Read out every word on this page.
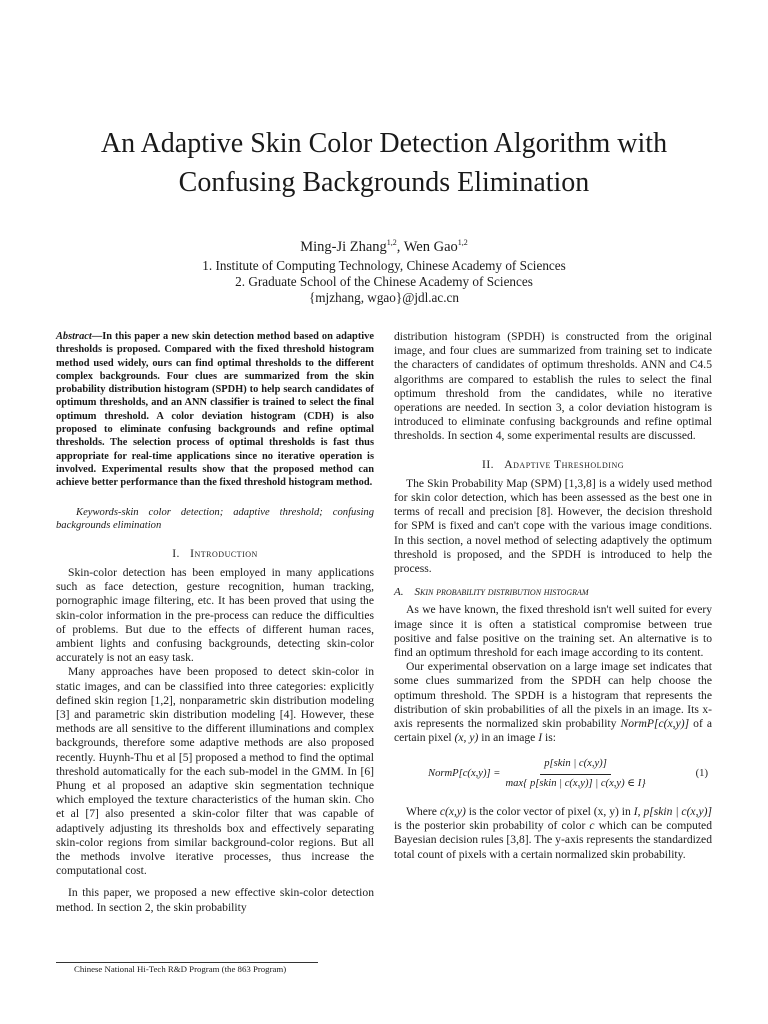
An Adaptive Skin Color Detection Algorithm with
Confusing Backgrounds Elimination
Ming-Ji Zhang$^{1,2}$, Wen Gao$^{1,2}$
1. Institute of Computing Technology, Chinese Academy of Sciences
2. Graduate School of the Chinese Academy of Sciences
{mjzhang, wgao}@jdl.ac.cn
Abstract—In this paper a new skin detection method based on adaptive thresholds is proposed. Compared with the fixed threshold histogram method used widely, ours can find optimal thresholds to the different complex backgrounds. Four clues are summarized from the skin probability distribution histogram (SPDH) to help search candidates of optimum thresholds, and an ANN classifier is trained to select the final optimum threshold. A color deviation histogram (CDH) is also proposed to eliminate confusing backgrounds and refine optimal thresholds. The selection process of optimal thresholds is fast thus appropriate for real-time applications since no iterative operation is involved. Experimental results show that the proposed method can achieve better performance than the fixed threshold histogram method.
Keywords-skin color detection; adaptive threshold; confusing backgrounds elimination
I. Introduction

Skin-color detection has been employed in many applications such as face detection, gesture recognition, human tracking, pornographic image filtering, etc. It has been proved that using the skin-color information in the pre-process can reduce the difficulties of problems. But due to the effects of different human races, ambient lights and confusing backgrounds, detecting skin-color accurately is not an easy task.

Many approaches have been proposed to detect skin-color in static images, and can be classified into three categories: explicitly defined skin region [1,2], nonparametric skin distribution modeling [3] and parametric skin distribution modeling [4]. However, these methods are all sensitive to the different illuminations and complex backgrounds, therefore some adaptive methods are also proposed recently. Huynh-Thu et al [5] proposed a method to find the optimal threshold automatically for the each sub-model in the GMM. In [6] Phung et al proposed an adaptive skin segmentation technique which employed the texture characteristics of the human skin. Cho et al [7] also presented a skin-color filter that was capable of adaptively adjusting its thresholds box and effectively separating skin-color regions from similar background-color regions. But all the methods involve iterative processes, thus increase the computational cost.

In this paper, we proposed a new effective skin-color detection method. In section 2, the skin probability

distribution histogram (SPDH) is constructed from the original image, and four clues are summarized from training set to indicate the characters of candidates of optimum thresholds. ANN and C4.5 algorithms are compared to establish the rules to select the final optimum threshold from the candidates, while no iterative operations are needed. In section 3, a color deviation histogram is introduced to eliminate confusing backgrounds and refine optimal thresholds. In section 4, some experimental results are discussed.

II. Adaptive Thresholding

The Skin Probability Map (SPM) [1,3,8] is a widely used method for skin color detection, which has been assessed as the best one in terms of recall and precision [8]. However, the decision threshold for SPM is fixed and can't cope with the various image conditions. In this section, a novel method of selecting adaptively the optimum threshold is proposed, and the SPDH is introduced to help the process.

A. Skin probability distribution histogram

As we have known, the fixed threshold isn't well suited for every image since it is often a statistical compromise between true positive and false positive on the training set. An alternative is to find an optimum threshold for each image according to its content.

Our experimental observation on a large image set indicates that some clues summarized from the SPDH can help choose the optimum threshold. The SPDH is a histogram that represents the distribution of skin probabilities of all the pixels in an image. Its x-axis represents the normalized skin probability NormP[c(x,y)] of a certain pixel (x, y) in an image I is:

NormP[c(x,y)] = $\frac{\text{p[skin | c(x,y)]}}{\text{max\{ p[skin | c(x,y)] | c(x,y) ∈ I\}}}$	(1)

Where c(x,y) is the color vector of pixel (x, y) in I, p[skin | c(x,y)] is the posterior skin probability of color c which can be computed Bayesian decision rules [3,8]. The y-axis represents the standardized total count of pixels with a certain normalized skin probability.

Chinese National Hi-Tech R&D Program (the 863 Program)
